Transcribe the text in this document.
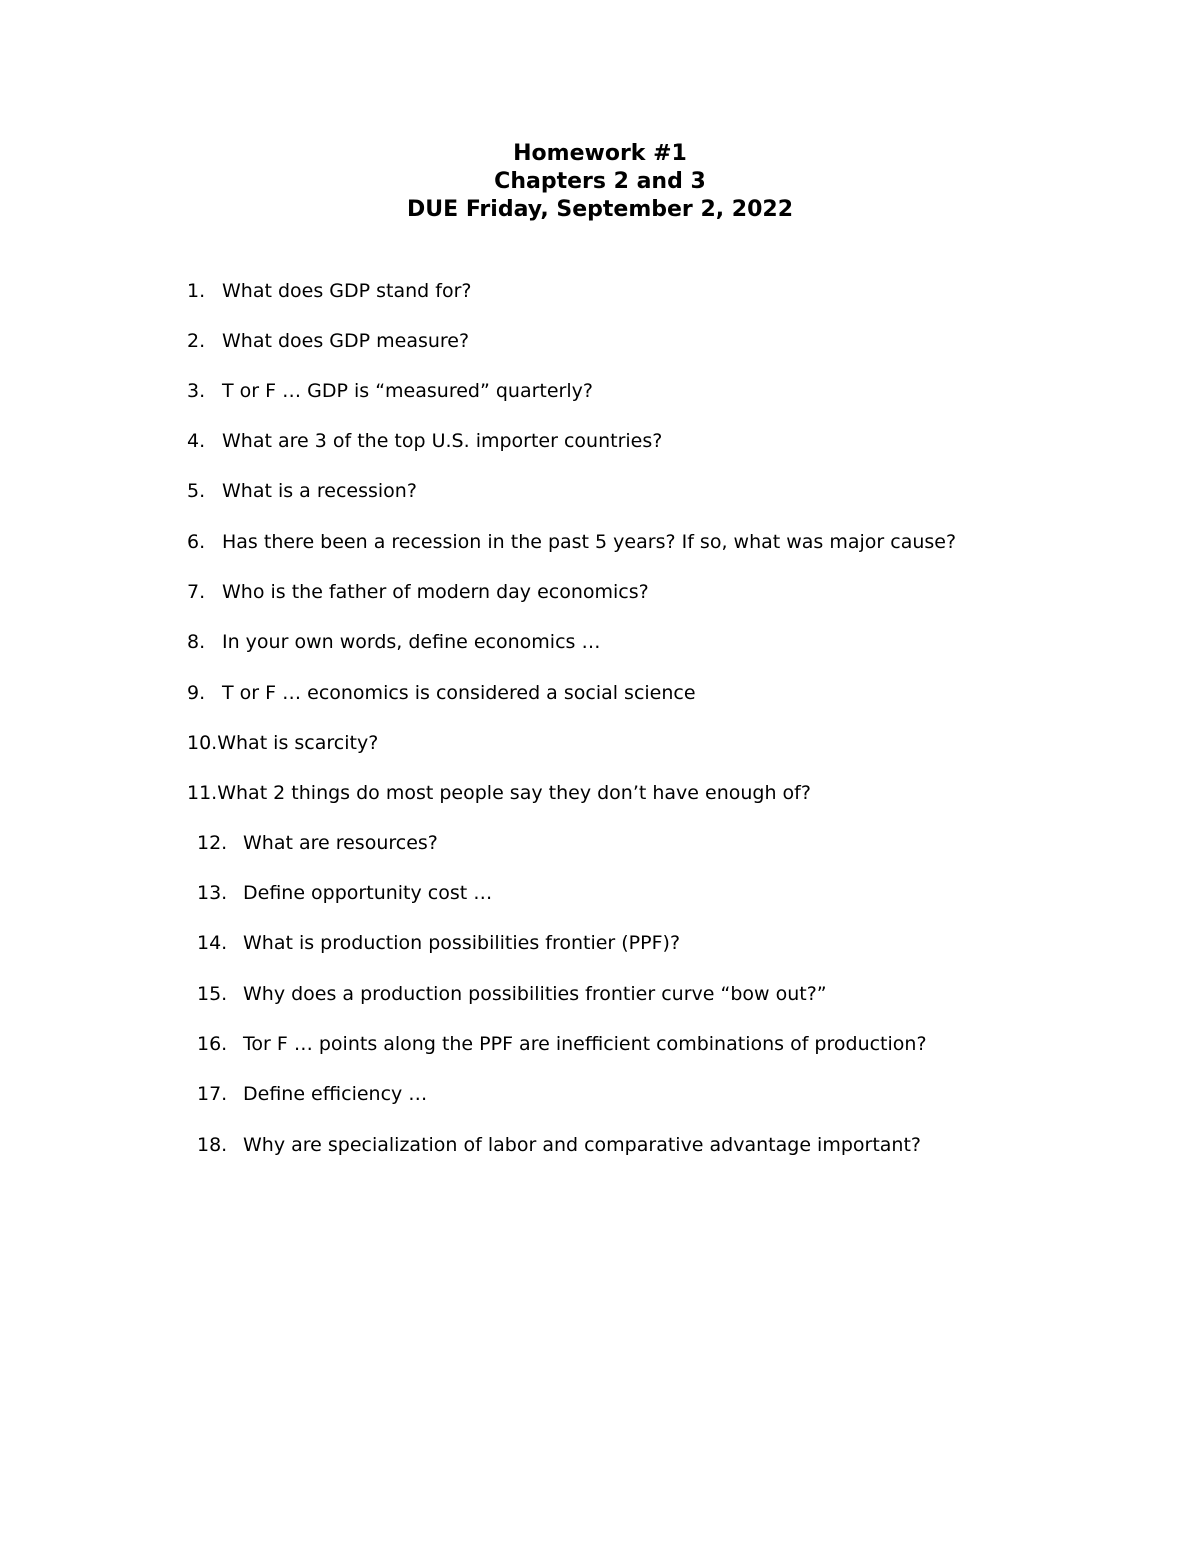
Homework #1
Chapters 2 and 3
DUE Friday, September 2, 2022
1. What does GDP stand for?
2. What does GDP measure?
3. T or F … GDP is “measured” quarterly?
4. What are 3 of the top U.S. importer countries?
5. What is a recession?
6. Has there been a recession in the past 5 years? If so, what was major cause?
7. Who is the father of modern day economics?
8. In your own words, define economics …
9. T or F … economics is considered a social science
10.What is scarcity?
11.What 2 things do most people say they don’t have enough of?
12. What are resources?
13. Define opportunity cost …
14. What is production possibilities frontier (PPF)?
15. Why does a production possibilities frontier curve “bow out?”
16. Tor F … points along the PPF are inefficient combinations of production?
17. Define efficiency …
18. Why are specialization of labor and comparative advantage important?
